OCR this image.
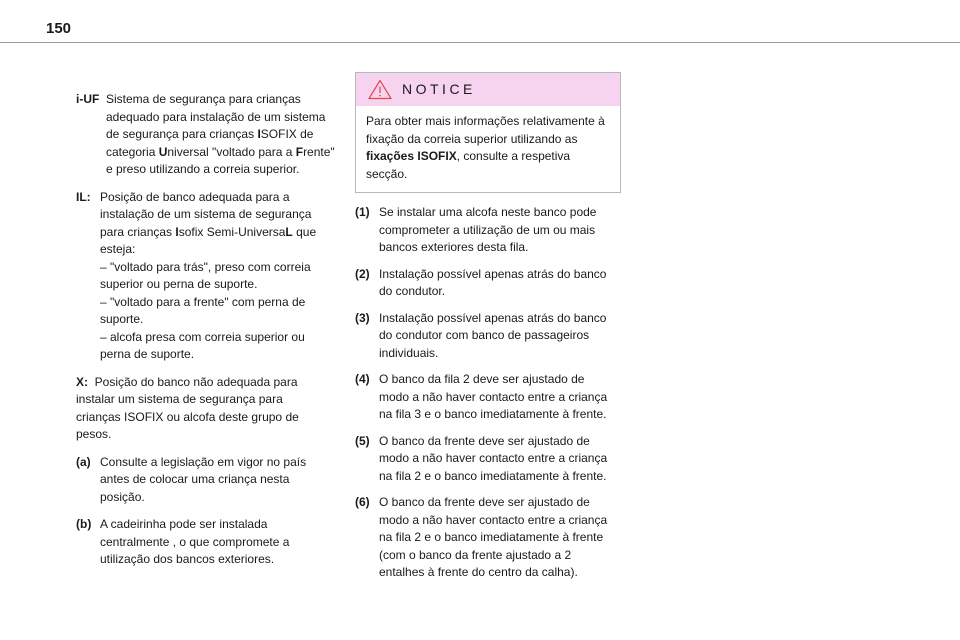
150
i-UF Sistema de segurança para crianças
adequado para instalação de um sistema
de segurança para crianças ISOFIX de
categoria Universal "voltado para a Frente"
e preso utilizando a correia superior.
IL: Posição de banco adequada para a
instalação de um sistema de segurança
para crianças Isofix Semi-UniversaL que
esteja:
– "voltado para trás", preso com correia
superior ou perna de suporte.
– "voltado para a frente" com perna de
suporte.
– alcofa presa com correia superior ou
perna de suporte.
X: Posição do banco não adequada para
instalar um sistema de segurança para
crianças ISOFIX ou alcofa deste grupo de
pesos.
(a) Consulte a legislação em vigor no país
antes de colocar uma criança nesta
posição.
(b) A cadeirinha pode ser instalada
centralmente , o que compromete a
utilização dos bancos exteriores.
NOTICE
Para obter mais informações relativamente à
fixação da correia superior utilizando as
fixações ISOFIX, consulte a respetiva
secção.
(1) Se instalar uma alcofa neste banco pode
comprometer a utilização de um ou mais
bancos exteriores desta fila.
(2) Instalação possível apenas atrás do banco
do condutor.
(3) Instalação possível apenas atrás do banco
do condutor com banco de passageiros
individuais.
(4) O banco da fila 2 deve ser ajustado de
modo a não haver contacto entre a criança
na fila 3 e o banco imediatamente à frente.
(5) O banco da frente deve ser ajustado de
modo a não haver contacto entre a criança
na fila 2 e o banco imediatamente à frente.
(6) O banco da frente deve ser ajustado de
modo a não haver contacto entre a criança
na fila 2 e o banco imediatamente à frente
(com o banco da frente ajustado a 2
entalhes à frente do centro da calha).
